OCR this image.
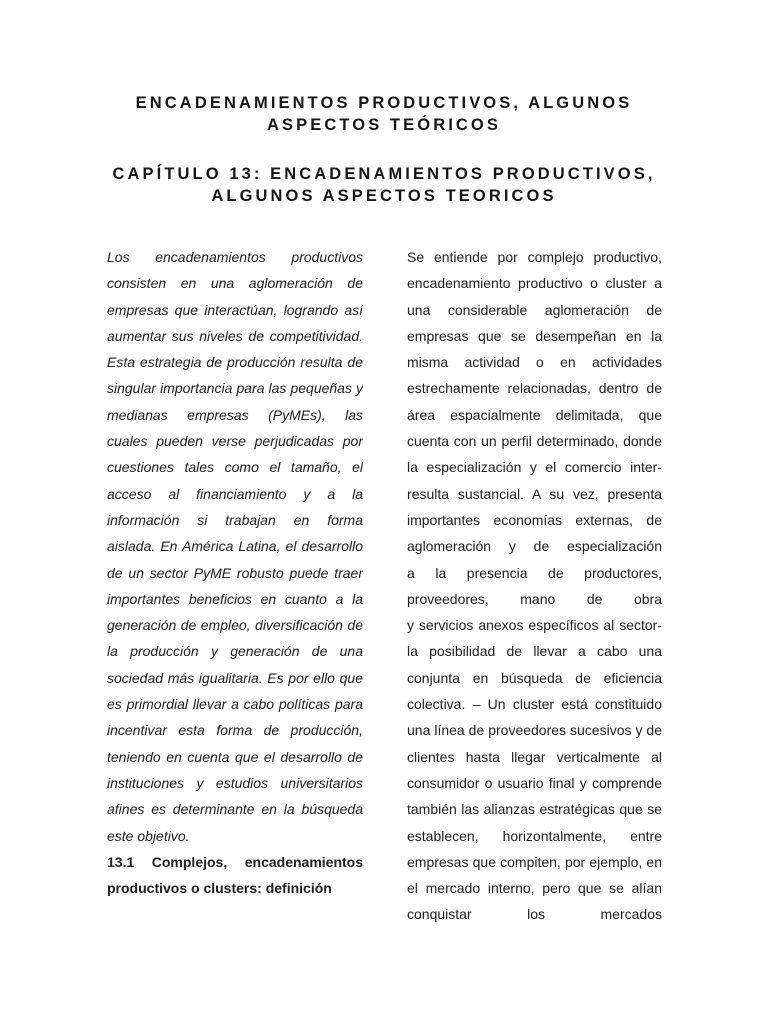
ENCADENAMIENTOS PRODUCTIVOS, ALGUNOS
ASPECTOS TEÓRICOS
CAPÍTULO 13: ENCADENAMIENTOS PRODUCTIVOS,
ALGUNOS ASPECTOS TEORICOS
Los encadenamientos productivos
consisten en una aglomeración de
empresas que interactúan, logrando así
aumentar sus niveles de competitividad.
Esta estrategia de producción resulta de
singular importancia para las pequeñas y
medianas empresas (PyMEs), las
cuales pueden verse perjudicadas por
cuestiones tales como el tamaño, el
acceso al financiamiento y a la
información si trabajan en forma
aislada. En América Latina, el desarrollo
de un sector PyME robusto puede traer
importantes beneficios en cuanto a la
generación de empleo, diversificación de
la producción y generación de una
sociedad más igualitaria. Es por ello que
es primordial llevar a cabo políticas para
incentivar esta forma de producción,
teniendo en cuenta que el desarrollo de
instituciones y estudios universitarios
afines es determinante en la búsqueda
este objetivo.
13.1 Complejos, encadenamientos
productivos o clusters: definición
Se entiende por complejo productivo,
encadenamiento productivo o cluster a
una considerable aglomeración de
empresas que se desempeñan en la
misma actividad o en actividades
estrechamente relacionadas, dentro de
área espacialmente delimitada, que
cuenta con un perfil determinado, donde
la especialización y el comercio inter-
resulta sustancial. A su vez, presenta
importantes economías externas, de
aglomeración y de especialización
a la presencia de productores,
proveedores, mano de obra
y servicios anexos específicos al sector-
la posibilidad de llevar a cabo una
conjunta en búsqueda de eficiencia
colectiva. – Un cluster está constituido
una línea de proveedores sucesivos y de
clientes hasta llegar verticalmente al
consumidor o usuario final y comprende
también las alianzas estratégicas que se
establecen, horizontalmente, entre
empresas que compiten, por ejemplo, en
el mercado interno, pero que se alían
conquistar los mercados
